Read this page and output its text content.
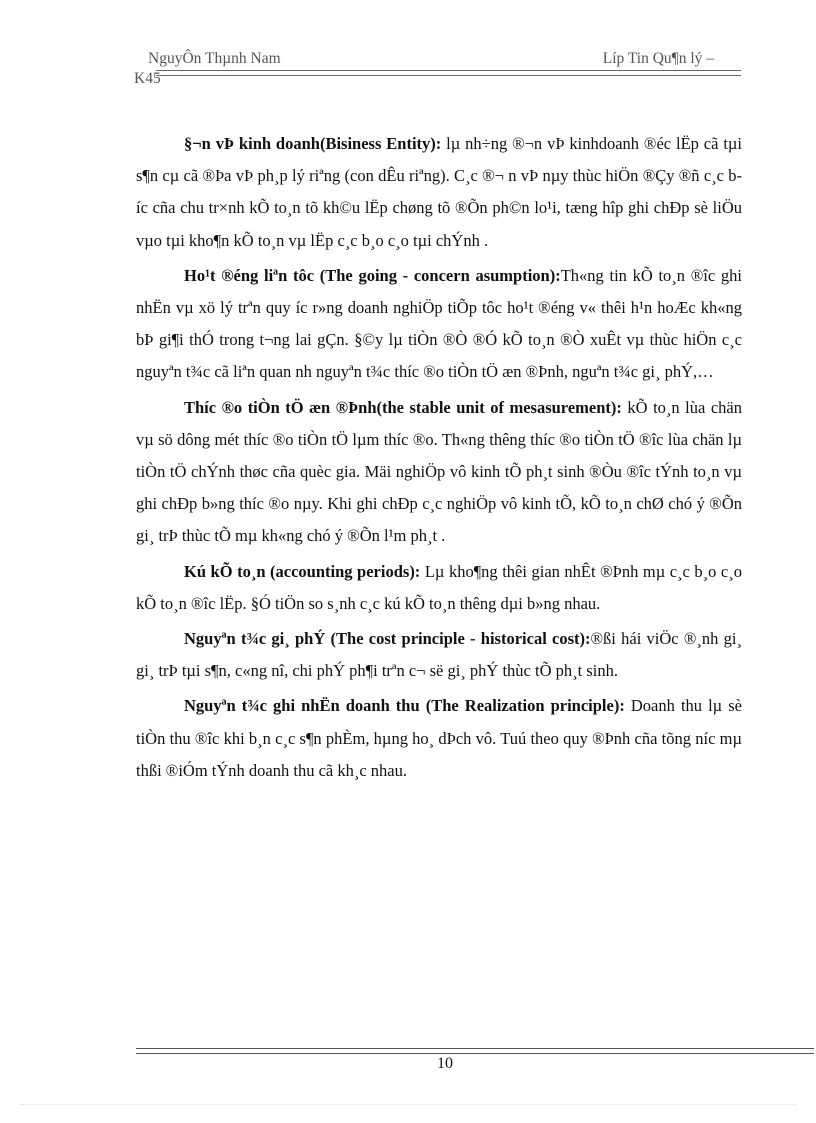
NguyÔn Thµnh Nam	Líp Tin Qu¶n lý –
K45

§¬n vÞ kinh doanh(Bisiness Entity): lµ nh÷ng ®¬n vÞ kinhdoanh ®éc lËp cã tµi s¶n cµ cã ®Þa vÞ ph¸p lý riªng (con dÊu riªng). C¸c ®¬ n vÞ nµy thùc hiÖn ®Çy ®ñ c¸c bíc cña chu tr×nh kÕ to¸n tõ kh©u lËp chøng tõ ®Õn ph©n lo¹i, tæng hîp ghi chÐp sè liÖu vµo tµi kho¶n kÕ to¸n vµ lËp c¸c b¸o c¸o tµi chÝnh .

Ho¹t ®éng liªn tôc (The going - concern asumption):Th«ng tin kÕ to¸n ®îc ghi nhËn vµ xö lý trªn quy íc r»ng doanh nghiÖp tiÕp tôc ho¹t ®éng v« thêi h¹n hoÆc kh«ng bÞ gi¶i thÓ trong t¬ng lai gÇn. §©y lµ tiÒn ®Ò ®Ó kÕ to¸n ®Ò xuÊt vµ thùc hiÖn c¸c nguyªn t¾c cã liªn quan nh nguyªn t¾c thíc ®o tiÒn tÖ æn ®Þnh, nguªn t¾c gi¸ phÝ,…

Thíc ®o tiÒn tÖ æn ®Þnh(the stable unit of mesasurement): kÕ to¸n lùa chän vµ sö dông mét thíc ®o tiÒn tÖ lµm thíc ®o. Th«ng thêng thíc ®o tiÒn tÖ ®îc lùa chän lµ tiÒn tÖ chÝnh thøc cña quèc gia. Mäi nghiÖp vô kinh tÕ ph¸t sinh ®Òu ®îc tÝnh to¸n vµ ghi chÐp b»ng thíc ®o nµy. Khi ghi chÐp c¸c nghiÖp vô kinh tÕ, kÕ to¸n chØ chó ý ®Õn gi¸ trÞ thùc tÕ mµ kh«ng chó ý ®Õn l¹m ph¸t .

Kú kÕ to¸n (accounting periods): Lµ kho¶ng thêi gian nhÊt ®Þnh mµ c¸c b¸o c¸o kÕ to¸n ®îc lËp. §Ó tiÖn so s¸nh c¸c kú kÕ to¸n thêng dµi b»ng nhau.

Nguyªn t¾c gi¸ phÝ (The cost principle - historical cost):®ßi hái viÖc ®¸nh gi¸ gi¸ trÞ tµi s¶n, c«ng nî, chi phÝ ph¶i trªn c¬ së gi¸ phÝ thùc tÕ ph¸t sinh.

Nguyªn t¾c ghi nhËn doanh thu (The Realization principle): Doanh thu lµ sè tiÒn thu ®îc khi b¸n c¸c s¶n phÈm, hµng ho¸ dÞch vô. Tuú theo quy ®Þnh cña tõng níc mµ thßi ®iÓm tÝnh doanh thu cã kh¸c nhau.

10
